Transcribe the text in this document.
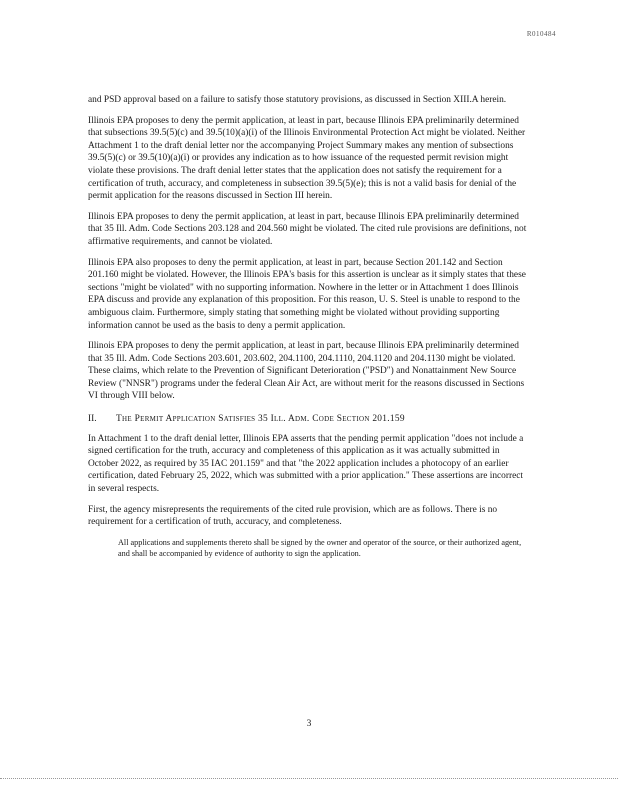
R010484

and PSD approval based on a failure to satisfy those statutory provisions, as discussed in Section XIII.A herein.

Illinois EPA proposes to deny the permit application, at least in part, because Illinois EPA preliminarily determined that subsections 39.5(5)(c) and 39.5(10)(a)(i) of the Illinois Environmental Protection Act might be violated. Neither Attachment 1 to the draft denial letter nor the accompanying Project Summary makes any mention of subsections 39.5(5)(c) or 39.5(10)(a)(i) or provides any indication as to how issuance of the requested permit revision might violate these provisions. The draft denial letter states that the application does not satisfy the requirement for a certification of truth, accuracy, and completeness in subsection 39.5(5)(e); this is not a valid basis for denial of the permit application for the reasons discussed in Section III herein.

Illinois EPA proposes to deny the permit application, at least in part, because Illinois EPA preliminarily determined that 35 Ill. Adm. Code Sections 203.128 and 204.560 might be violated. The cited rule provisions are definitions, not affirmative requirements, and cannot be violated.

Illinois EPA also proposes to deny the permit application, at least in part, because Section 201.142 and Section 201.160 might be violated. However, the Illinois EPA's basis for this assertion is unclear as it simply states that these sections "might be violated" with no supporting information. Nowhere in the letter or in Attachment 1 does Illinois EPA discuss and provide any explanation of this proposition. For this reason, U. S. Steel is unable to respond to the ambiguous claim. Furthermore, simply stating that something might be violated without providing supporting information cannot be used as the basis to deny a permit application.

Illinois EPA proposes to deny the permit application, at least in part, because Illinois EPA preliminarily determined that 35 Ill. Adm. Code Sections 203.601, 203.602, 204.1100, 204.1110, 204.1120 and 204.1130 might be violated. These claims, which relate to the Prevention of Significant Deterioration ("PSD") and Nonattainment New Source Review ("NNSR") programs under the federal Clean Air Act, are without merit for the reasons discussed in Sections VI through VIII below.

II.	The Permit Application Satisfies 35 Ill. Adm. Code Section 201.159

In Attachment 1 to the draft denial letter, Illinois EPA asserts that the pending permit application "does not include a signed certification for the truth, accuracy and completeness of this application as it was actually submitted in October 2022, as required by 35 IAC 201.159" and that "the 2022 application includes a photocopy of an earlier certification, dated February 25, 2022, which was submitted with a prior application." These assertions are incorrect in several respects.

First, the agency misrepresents the requirements of the cited rule provision, which are as follows. There is no requirement for a certification of truth, accuracy, and completeness.

All applications and supplements thereto shall be signed by the owner and operator of the source, or their authorized agent, and shall be accompanied by evidence of authority to sign the application.

3
